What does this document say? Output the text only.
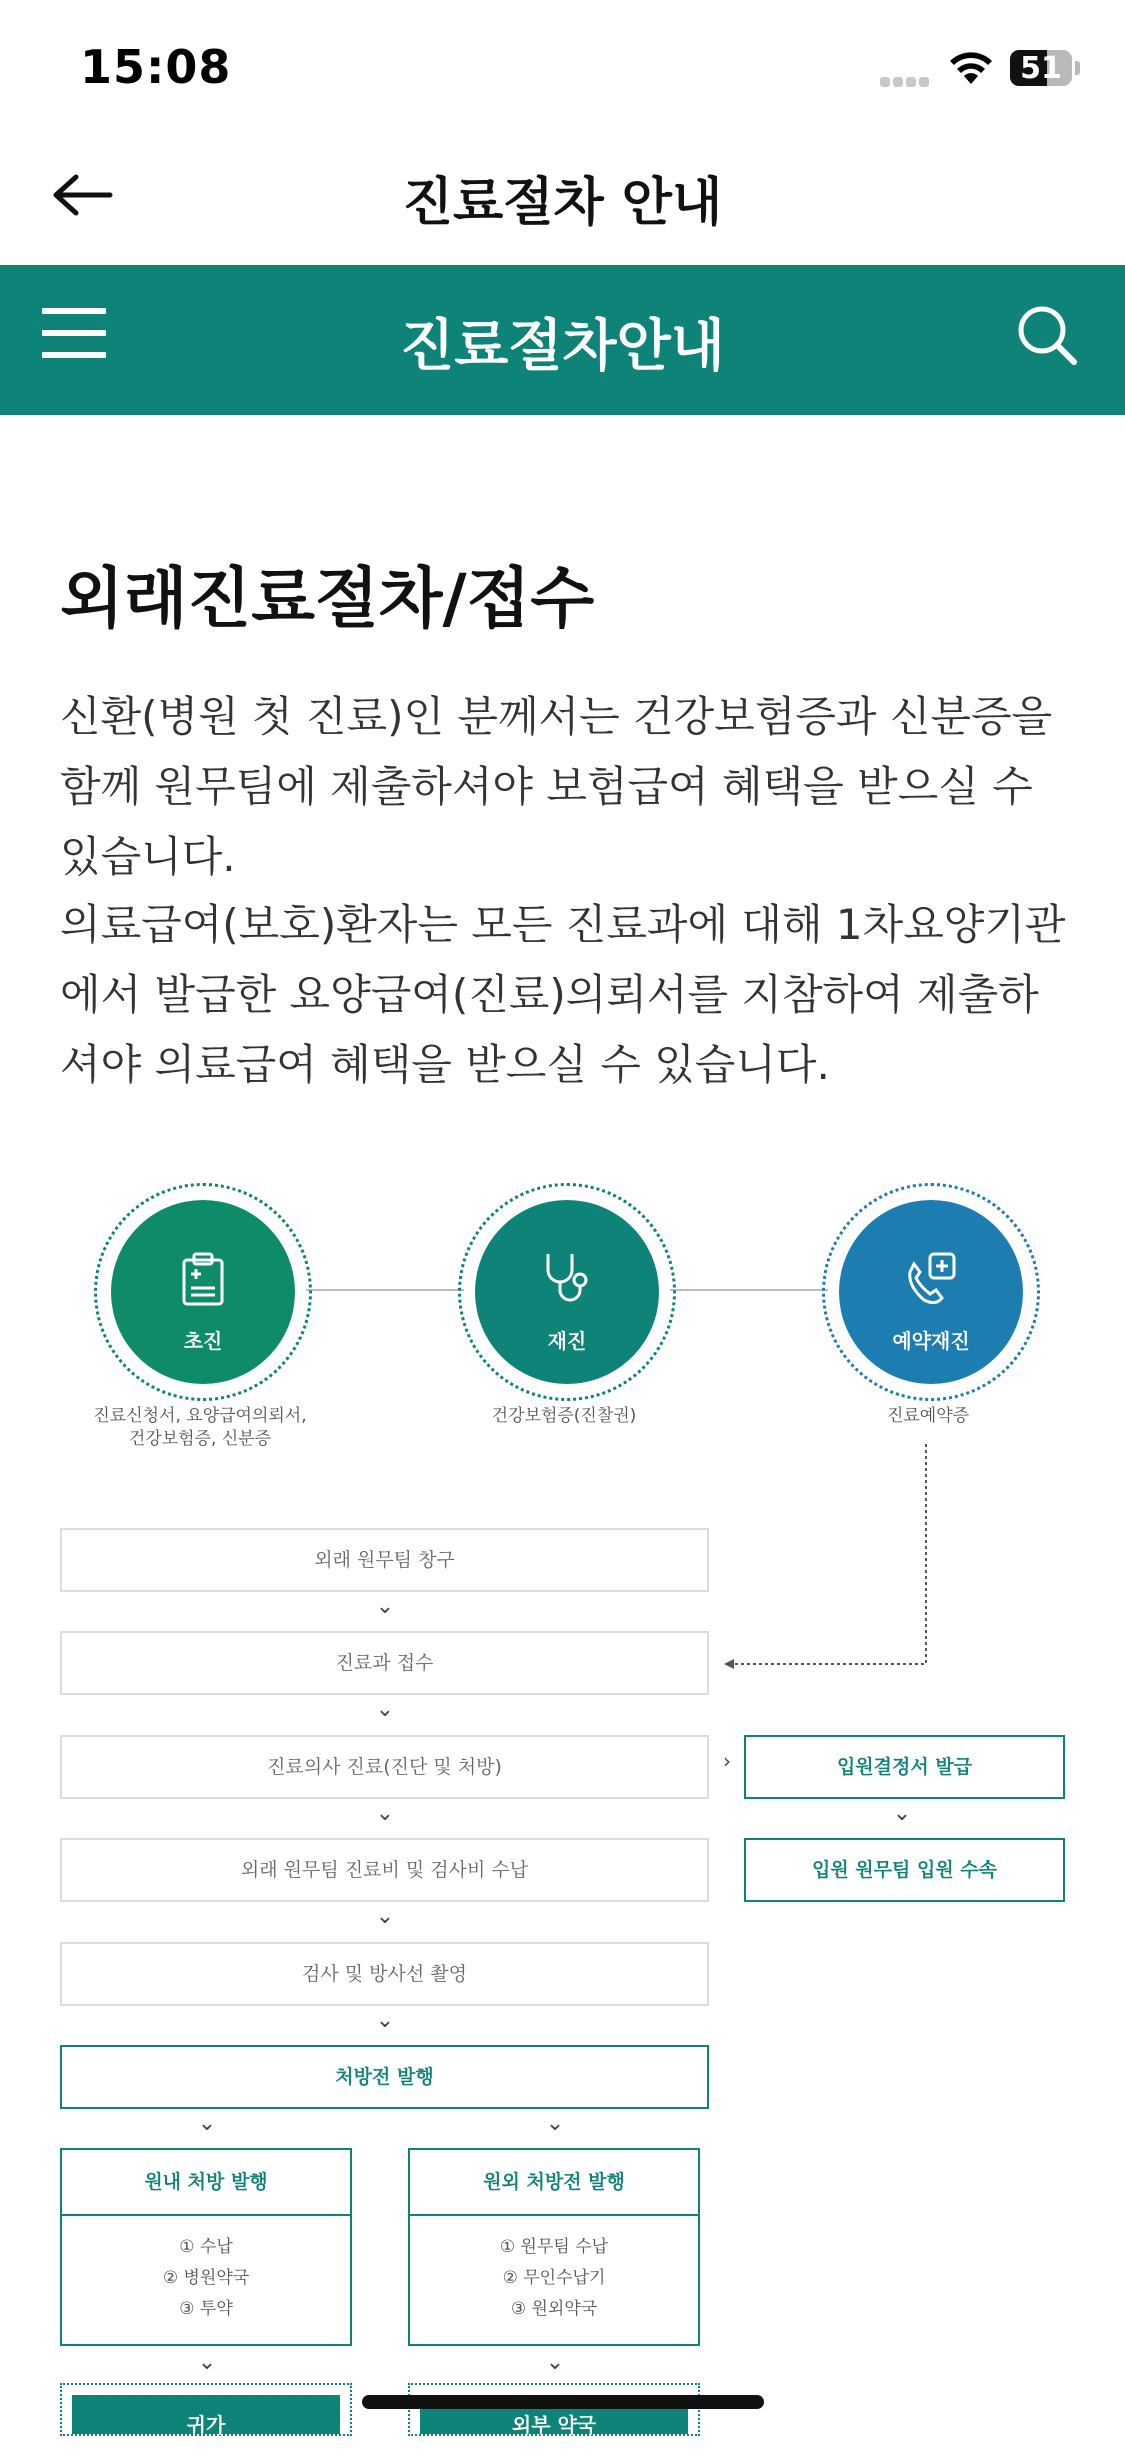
15:08	51
진료절차 안내
진료절차안내
외래진료절차/접수
신환(병원 첫 진료)인 분께서는 건강보험증과 신분증을 함께 원무팀에 제출하셔야 보험급여 혜택을 받으실 수 있습니다.
의료급여(보호)환자는 모든 진료과에 대해 1차요양기관에서 발급한 요양급여(진료)의뢰서를 지참하여 제출하셔야 의료급여 혜택을 받으실 수 있습니다.
초진	재진	예약재진
진료신청서, 요양급여의뢰서,
건강보험증, 신분증
건강보험증(진찰권)	진료예약증
외래 원무팀 창구
⌄
진료과 접수
⌄
진료의사 진료(진단 및 처방)	›	입원결정서 발급
⌄	⌄
외래 원무팀 진료비 및 검사비 수납	입원 원무팀 입원 수속
⌄
검사 및 방사선 촬영
⌄
처방전 발행
⌄	⌄
원내 처방 발행
① 수납
② 병원약국
③ 투약
원외 처방전 발행
① 원무팀 수납
② 무인수납기
③ 원외약국
⌄	⌄
귀가	외부 약국
